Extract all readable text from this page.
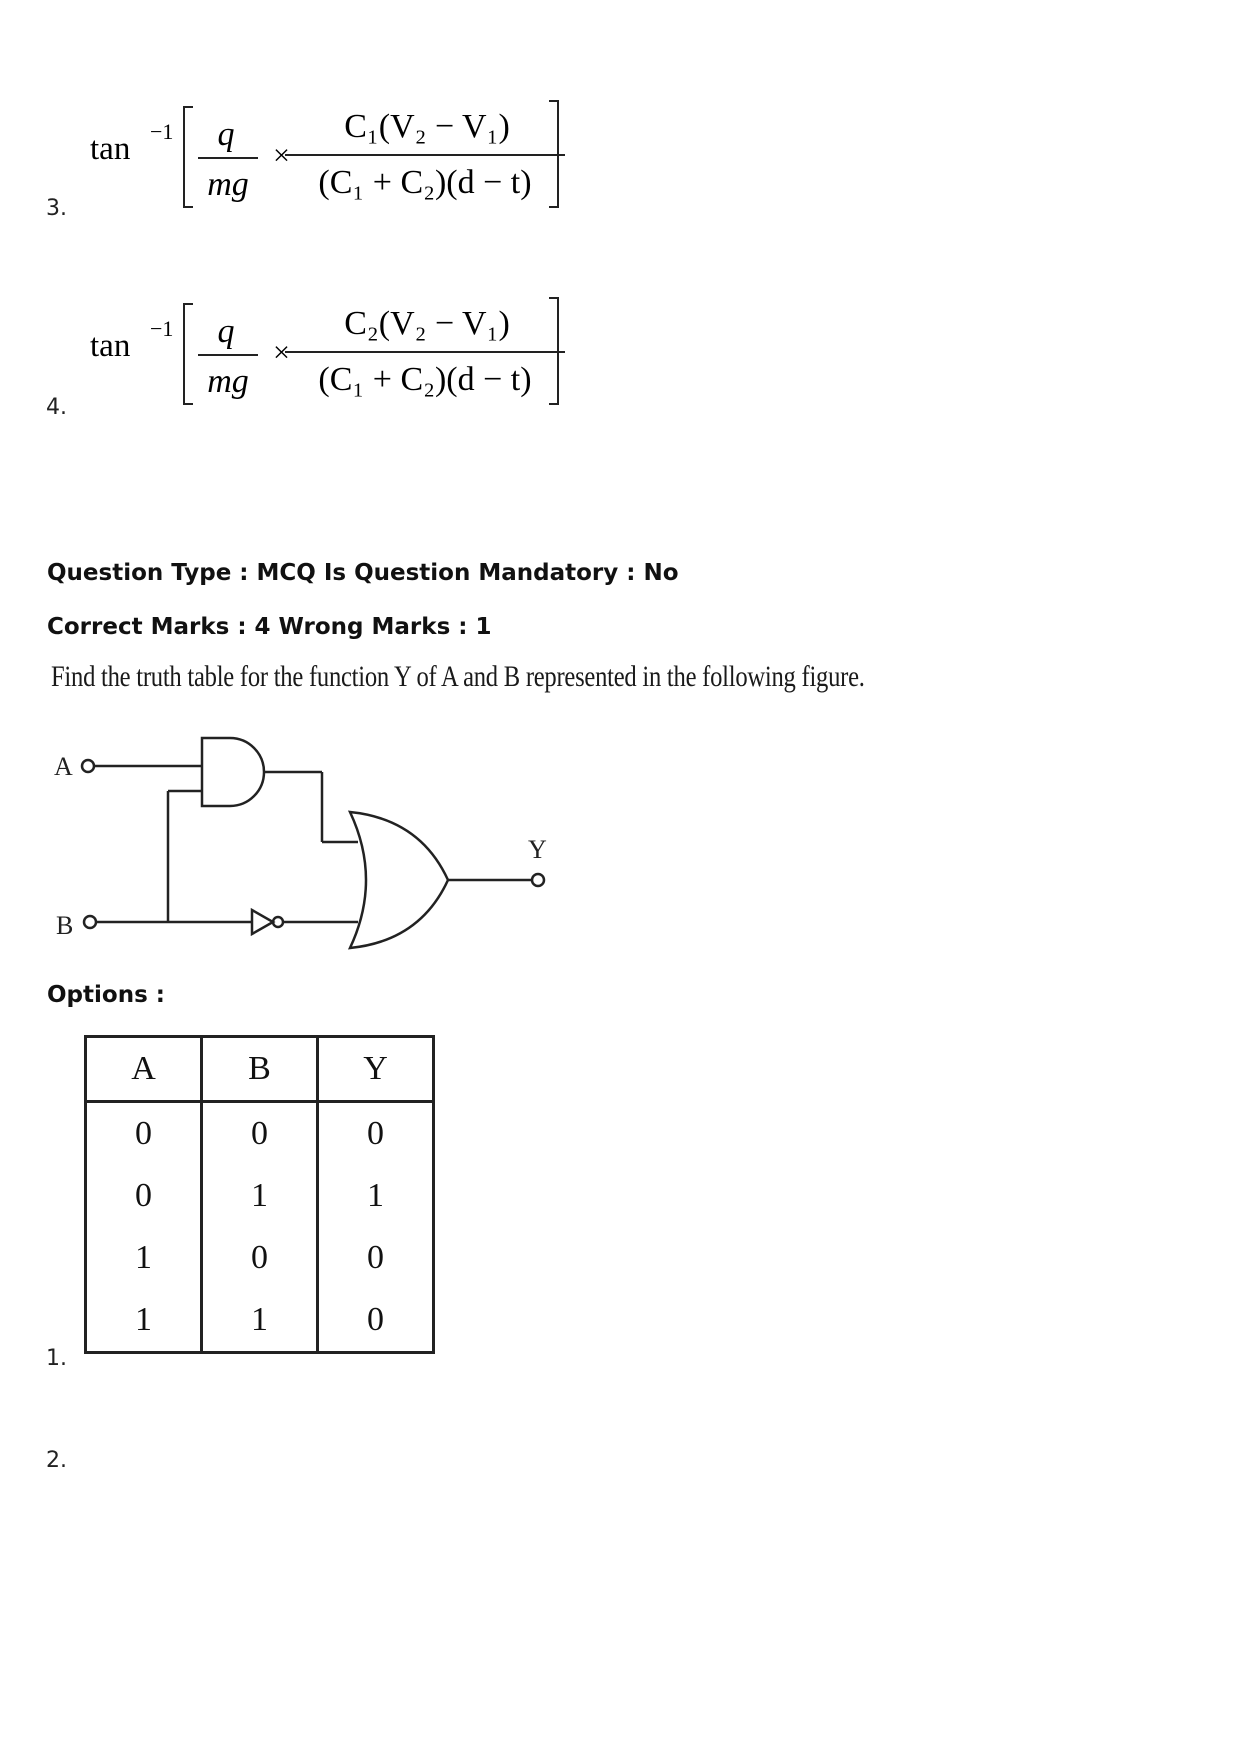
3.
tan −1 q
mg
×
C₁(V₂ − V₁)
(C₁ + C₂)(d − t)
4.
tan −1 q
mg
×
C₂(V₂ − V₁)
(C₁ + C₂)(d − t)
Question Type : MCQ Is Question Mandatory : No
Correct Marks : 4 Wrong Marks : 1
Find the truth table for the function Y of A and B represented in the following figure.
A
B
Y
Options :
1.
A	B	Y
0	0	0
0	1	1
1	0	0
1	1	0
2.
